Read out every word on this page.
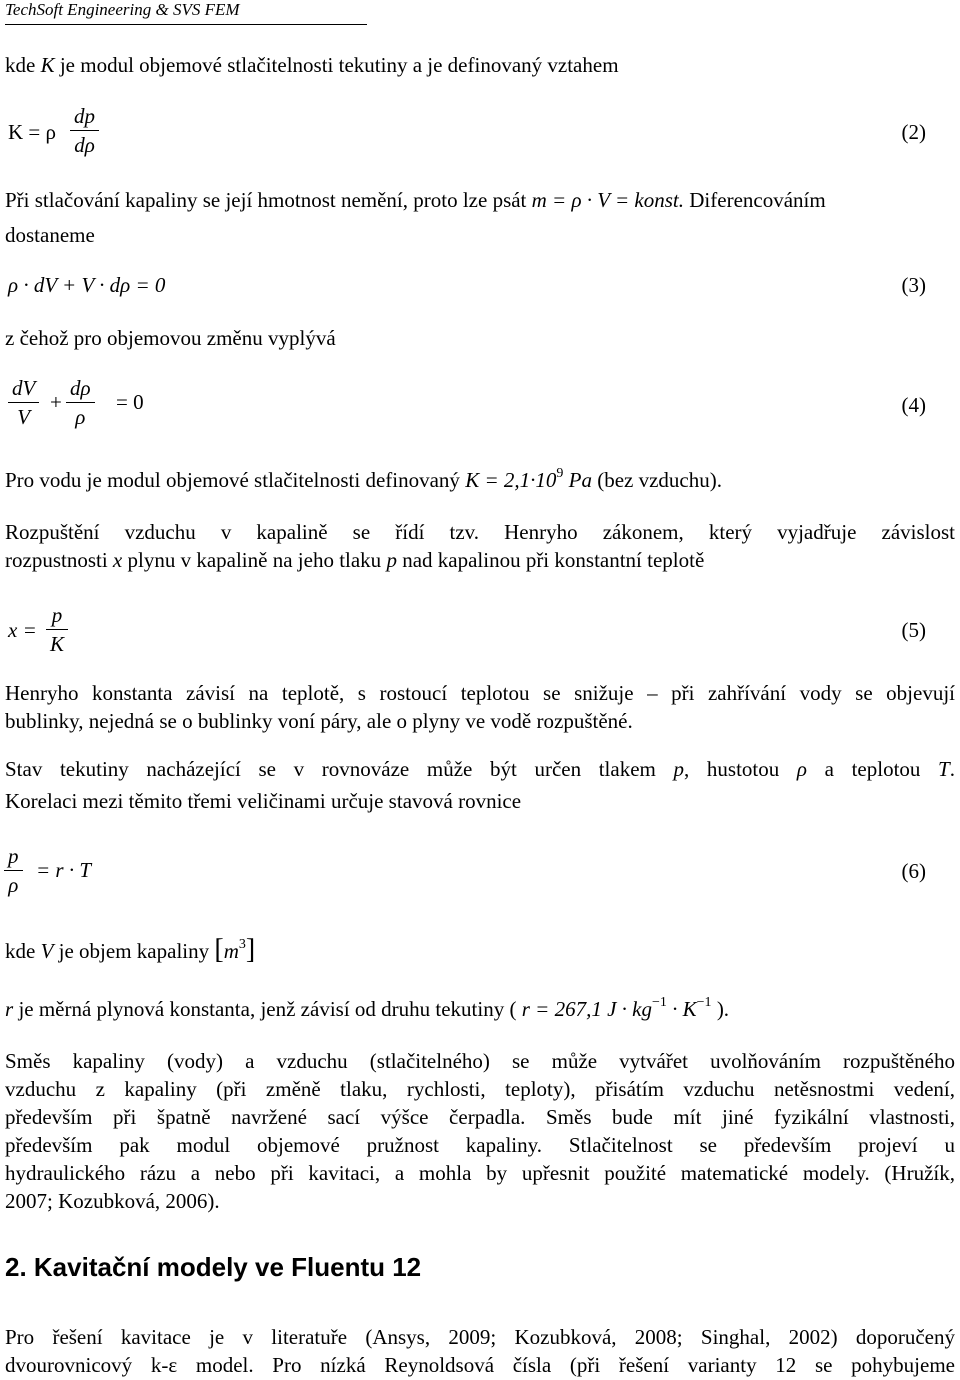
TechSoft Engineering & SVS FEM
kde K je modul objemové stlačitelnosti tekutiny a je definovaný vztahem
K = ρ $\frac{dp}{d\rho}$	(2)
Při stlačování kapaliny se její hmotnost nemění, proto lze psát m = ρ · V = konst. Diferencováním
dostaneme
ρ · dV + V · dρ = 0	(3)
z čehož pro objemovou změnu vyplývá
$\frac{dV}{V} + \frac{d\rho}{\rho} = 0$	(4)
Pro vodu je modul objemové stlačitelnosti definovaný $K = 2,1\cdot 10^9$ Pa (bez vzduchu).
Rozpuštění vzduchu v kapalině se řídí tzv. Henryho zákonem, který vyjadřuje závislost
rozpustnosti x plynu v kapalině na jeho tlaku p nad kapalinou při konstantní teplotě
$x = \frac{p}{K}$	(5)
Henryho konstanta závisí na teplotě, s rostoucí teplotou se snižuje – při zahřívání vody se objevují
bublinky, nejedná se o bublinky voní páry, ale o plyny ve vodě rozpuštěné.
Stav tekutiny nacházející se v rovnováze může být určen tlakem p, hustotou ρ a teplotou T.
Korelaci mezi těmito třemi veličinami určuje stavová rovnice
$\frac{p}{\rho} = r \cdot T$	(6)
kde V je objem kapaliny $[m^3]$
r je měrná plynová konstanta, jenž závisí od druhu tekutiny ( r = 267,1 $J \cdot kg^{-1} \cdot K^{-1}$ ).
Směs kapaliny (vody) a vzduchu (stlačitelného) se může vytvářet uvolňováním rozpuštěného
vzduchu z kapaliny (při změně tlaku, rychlosti, teploty), přisátím vzduchu netěsnostmi vedení,
především při špatně navržené sací výšce čerpadla. Směs bude mít jiné fyzikální vlastnosti,
především pak modul objemové pružnost kapaliny. Stlačitelnost se především projeví u
hydraulického rázu a nebo při kavitaci, a mohla by upřesnit použité matematické modely. (Hružík,
2007; Kozubková, 2006).
2. Kavitační modely ve Fluentu 12
Pro řešení kavitace je v literatuře (Ansys, 2009; Kozubková, 2008; Singhal, 2002) doporučený
dvourovnicový k-ε model. Pro nízká Reynoldsová čísla (při řešení varianty 12 se pohybujeme
